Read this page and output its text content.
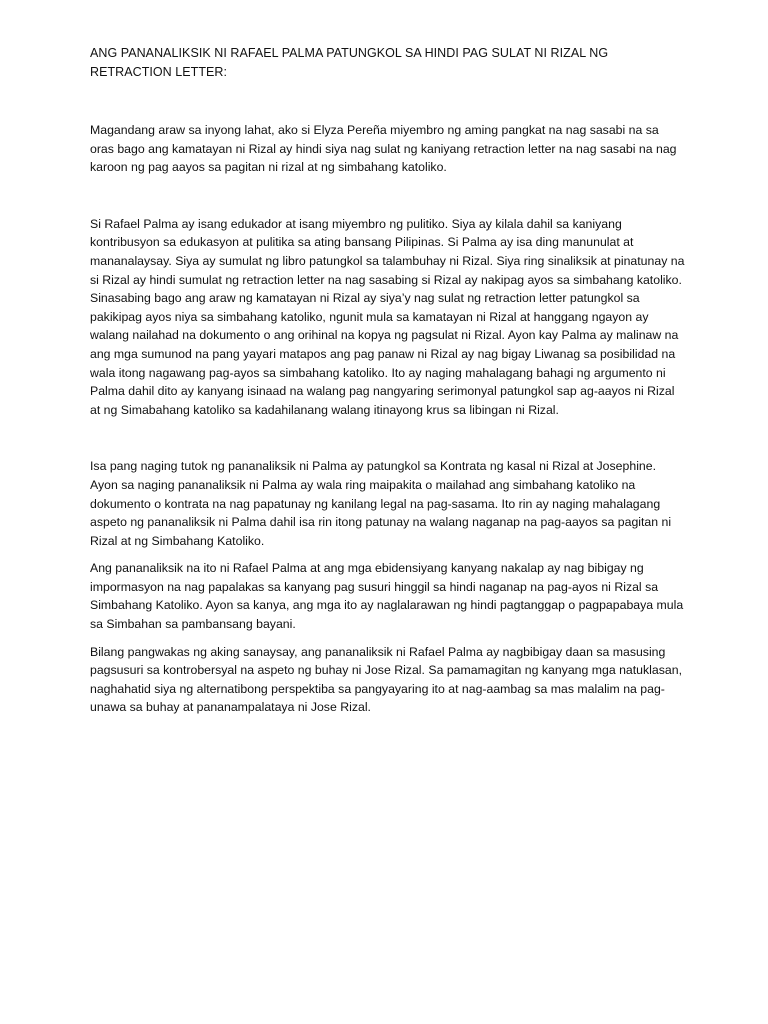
ANG PANANALIKSIK NI RAFAEL PALMA PATUNGKOL SA HINDI PAG SULAT NI RIZAL NG RETRACTION LETTER:

Magandang araw sa inyong lahat, ako si Elyza Pereña miyembro ng aming pangkat na nag sasabi na sa oras bago ang kamatayan ni Rizal ay hindi siya nag sulat ng kaniyang retraction letter na nag sasabi na nag karoon ng pag aayos sa pagitan ni rizal at ng simbahang katoliko.

Si Rafael Palma ay isang edukador at isang miyembro ng pulitiko. Siya ay kilala dahil sa kaniyang kontribusyon sa edukasyon at pulitika sa ating bansang Pilipinas. Si Palma ay isa ding manunulat at mananalaysay. Siya ay sumulat ng libro patungkol sa talambuhay ni Rizal. Siya ring sinaliksik at pinatunay na si Rizal ay hindi sumulat ng retraction letter na nag sasabing si Rizal ay nakipag ayos sa simbahang katoliko. Sinasabing bago ang araw ng kamatayan ni Rizal ay siya’y nag sulat ng retraction letter patungkol sa pakikipag ayos niya sa simbahang katoliko, ngunit mula sa kamatayan ni Rizal at hanggang ngayon ay walang nailahad na dokumento o ang orihinal na kopya ng pagsulat ni Rizal. Ayon kay Palma ay malinaw na ang mga sumunod na pang yayari matapos ang pag panaw ni Rizal ay nag bigay Liwanag sa posibilidad na wala itong nagawang pag-ayos sa simbahang katoliko. Ito ay naging mahalagang bahagi ng argumento ni Palma dahil dito ay kanyang isinaad na walang pag nangyaring serimonyal patungkol sap ag-aayos ni Rizal at ng Simabahang katoliko sa kadahilanang walang itinayong krus sa libingan ni Rizal.

Isa pang naging tutok ng pananaliksik ni Palma ay patungkol sa Kontrata ng kasal ni Rizal at Josephine. Ayon sa naging pananaliksik ni Palma ay wala ring maipakita o mailahad ang simbahang katoliko na dokumento o kontrata na nag papatunay ng kanilang legal na pag-sasama. Ito rin ay naging mahalagang aspeto ng pananaliksik ni Palma dahil isa rin itong patunay na walang naganap na pag-aayos sa pagitan ni Rizal at ng Simbahang Katoliko.

Ang pananaliksik na ito ni Rafael Palma at ang mga ebidensiyang kanyang nakalap ay nag bibigay ng impormasyon na nag papalakas sa kanyang pag susuri hinggil sa hindi naganap na pag-ayos ni Rizal sa Simbahang Katoliko. Ayon sa kanya, ang mga ito ay naglalarawan ng hindi pagtanggap o pagpapabaya mula sa Simbahan sa pambansang bayani.

Bilang pangwakas ng aking sanaysay, ang pananaliksik ni Rafael Palma ay nagbibigay daan sa masusing pagsusuri sa kontrobersyal na aspeto ng buhay ni Jose Rizal. Sa pamamagitan ng kanyang mga natuklasan, naghahatid siya ng alternatibong perspektiba sa pangyayaring ito at nag-aambag sa mas malalim na pag-unawa sa buhay at pananampalataya ni Jose Rizal.
